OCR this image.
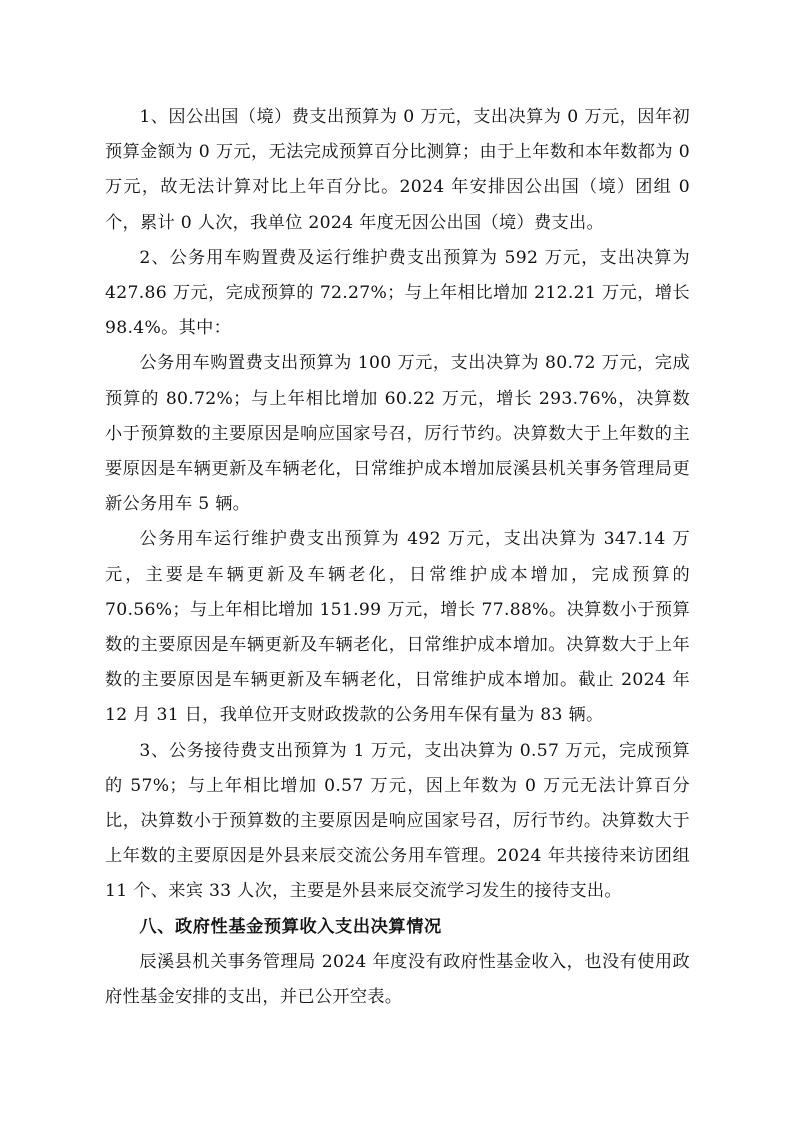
1、因公出国（境）费支出预算为 0 万元，支出决算为 0 万元，因年初预算金额为 0 万元，无法完成预算百分比测算；由于上年数和本年数都为 0 万元，故无法计算对比上年百分比。2024 年安排因公出国（境）团组 0 个，累计 0 人次，我单位 2024 年度无因公出国（境）费支出。

2、公务用车购置费及运行维护费支出预算为 592 万元，支出决算为 427.86 万元，完成预算的 72.27%；与上年相比增加 212.21 万元，增长 98.4%。其中：

公务用车购置费支出预算为 100 万元，支出决算为 80.72 万元，完成预算的 80.72%；与上年相比增加 60.22 万元，增长 293.76%，决算数小于预算数的主要原因是响应国家号召，厉行节约。决算数大于上年数的主要原因是车辆更新及车辆老化，日常维护成本增加辰溪县机关事务管理局更新公务用车 5 辆。

公务用车运行维护费支出预算为 492 万元，支出决算为 347.14 万元，主要是车辆更新及车辆老化，日常维护成本增加，完成预算的 70.56%；与上年相比增加 151.99 万元，增长 77.88%。决算数小于预算数的主要原因是车辆更新及车辆老化，日常维护成本增加。决算数大于上年数的主要原因是车辆更新及车辆老化，日常维护成本增加。截止 2024 年 12 月 31 日，我单位开支财政拨款的公务用车保有量为 83 辆。

3、公务接待费支出预算为 1 万元，支出决算为 0.57 万元，完成预算的 57%；与上年相比增加 0.57 万元，因上年数为 0 万元无法计算百分比，决算数小于预算数的主要原因是响应国家号召，厉行节约。决算数大于上年数的主要原因是外县来辰交流公务用车管理。2024 年共接待来访团组 11 个、来宾 33 人次，主要是外县来辰交流学习发生的接待支出。

八、政府性基金预算收入支出决算情况

辰溪县机关事务管理局 2024 年度没有政府性基金收入，也没有使用政府性基金安排的支出，并已公开空表。
